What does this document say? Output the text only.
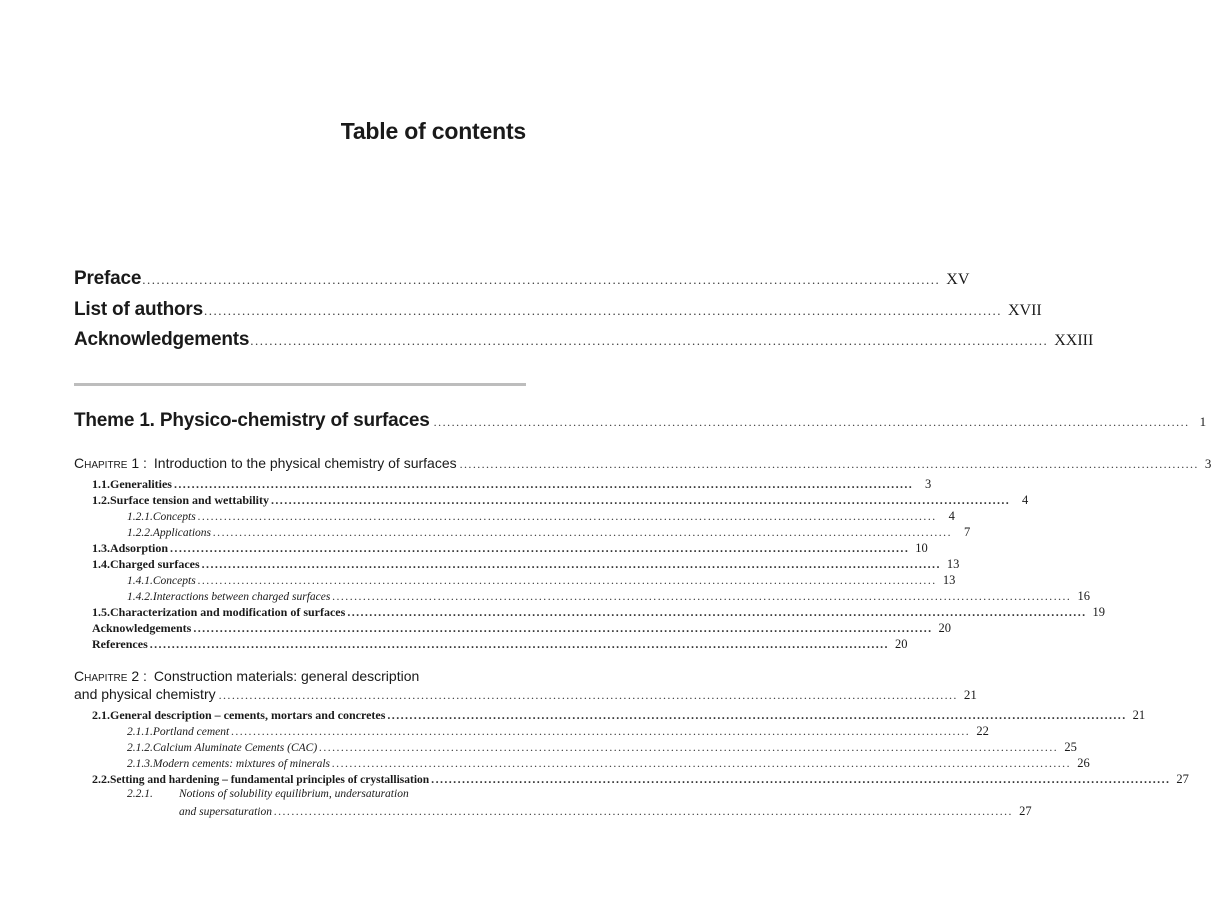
Table of contents
Preface ........................................................................................................................................................................ XV
List of authors ........................................................................................................................................................................ XVII
Acknowledgements ........................................................................................................................................................................ XXIII
Theme 1. Physico-chemistry of surfaces ........................................................................................................................................................................ 1
Chapitre 1 : Introduction to the physical chemistry of surfaces ........................................................................................................................................................................ 3
1.1. Generalities ........................................................................................................................................................................ 3
1.2. Surface tension and wettability ........................................................................................................................................................................ 4
1.2.1. Concepts ........................................................................................................................................................................ 4
1.2.2. Applications ........................................................................................................................................................................ 7
1.3. Adsorption ........................................................................................................................................................................ 10
1.4. Charged surfaces ........................................................................................................................................................................ 13
1.4.1. Concepts ........................................................................................................................................................................ 13
1.4.2. Interactions between charged surfaces ........................................................................................................................................................................ 16
1.5. Characterization and modification of surfaces ........................................................................................................................................................................ 19
Acknowledgements ........................................................................................................................................................................ 20
References ........................................................................................................................................................................ 20
Chapitre 2 : Construction materials: general description
and physical chemistry ........................................................................................................................................................................ 21
2.1. General description – cements, mortars and concretes ........................................................................................................................................................................ 21
2.1.1. Portland cement ........................................................................................................................................................................ 22
2.1.2. Calcium Aluminate Cements (CAC) ........................................................................................................................................................................ 25
2.1.3. Modern cements: mixtures of minerals ........................................................................................................................................................................ 26
2.2. Setting and hardening – fundamental principles of crystallisation ........................................................................................................................................................................ 27
2.2.1.	Notions of solubility equilibrium, undersaturation
and supersaturation ........................................................................................................................................................................ 27
